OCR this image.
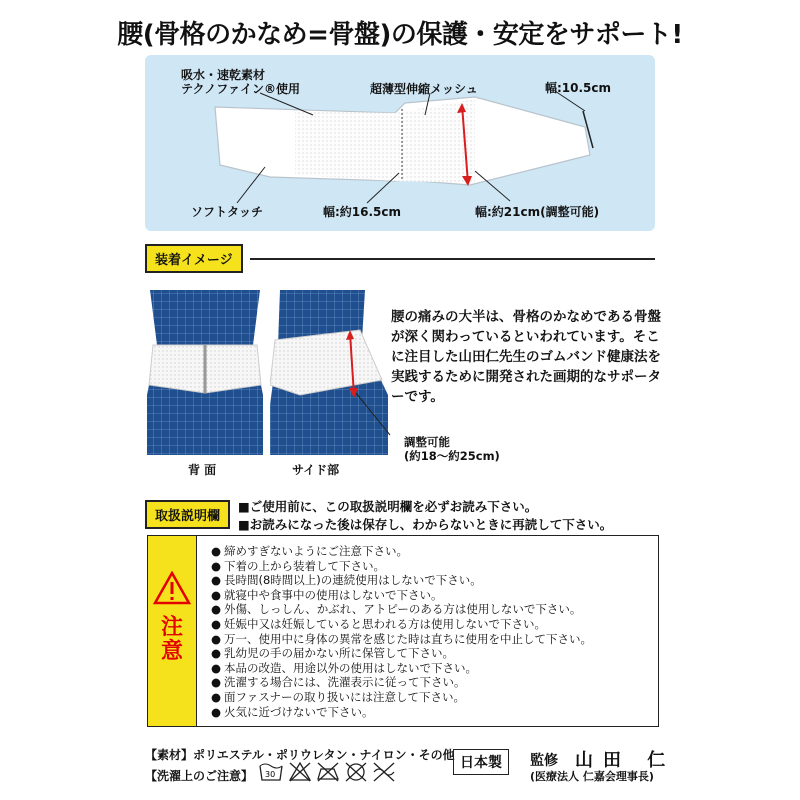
腰(骨格のかなめ=骨盤)の保護・安定をサポート!
吸水・速乾素材
テクノファイン®使用	超薄型伸縮メッシュ	幅:10.5cm
ソフトタッチ	幅:約16.5cm	幅:約21cm(調整可能)
装着イメージ
背 面	サイド部
調整可能
(約18〜約25cm)
腰の痛みの大半は、骨格のかなめである骨盤が深く関わっているといわれています。そこに注目した山田仁先生のゴムバンド健康法を実践するために開発された画期的なサポーターです。
取扱説明欄
■ご使用前に、この取扱説明欄を必ずお読み下さい。
■お読みになった後は保存し、わからないときに再読して下さい。
注
意
● 締めすぎないようにご注意下さい。
● 下着の上から装着して下さい。
● 長時間(8時間以上)の連続使用はしないで下さい。
● 就寝中や食事中の使用はしないで下さい。
● 外傷、しっしん、かぶれ、アトピーのある方は使用しないで下さい。
● 妊娠中又は妊娠していると思われる方は使用しないで下さい。
● 万一、使用中に身体の異常を感じた時は直ちに使用を中止して下さい。
● 乳幼児の手の届かない所に保管して下さい。
● 本品の改造、用途以外の使用はしないで下さい。
● 洗濯する場合には、洗濯表示に従って下さい。
● 面ファスナーの取り扱いには注意して下さい。
● 火気に近づけないで下さい。
【素材】ポリエステル・ポリウレタン・ナイロン・その他
【洗濯上のご注意】 30
日本製	監修 山田 仁
(医療法人 仁嘉会理事長)
